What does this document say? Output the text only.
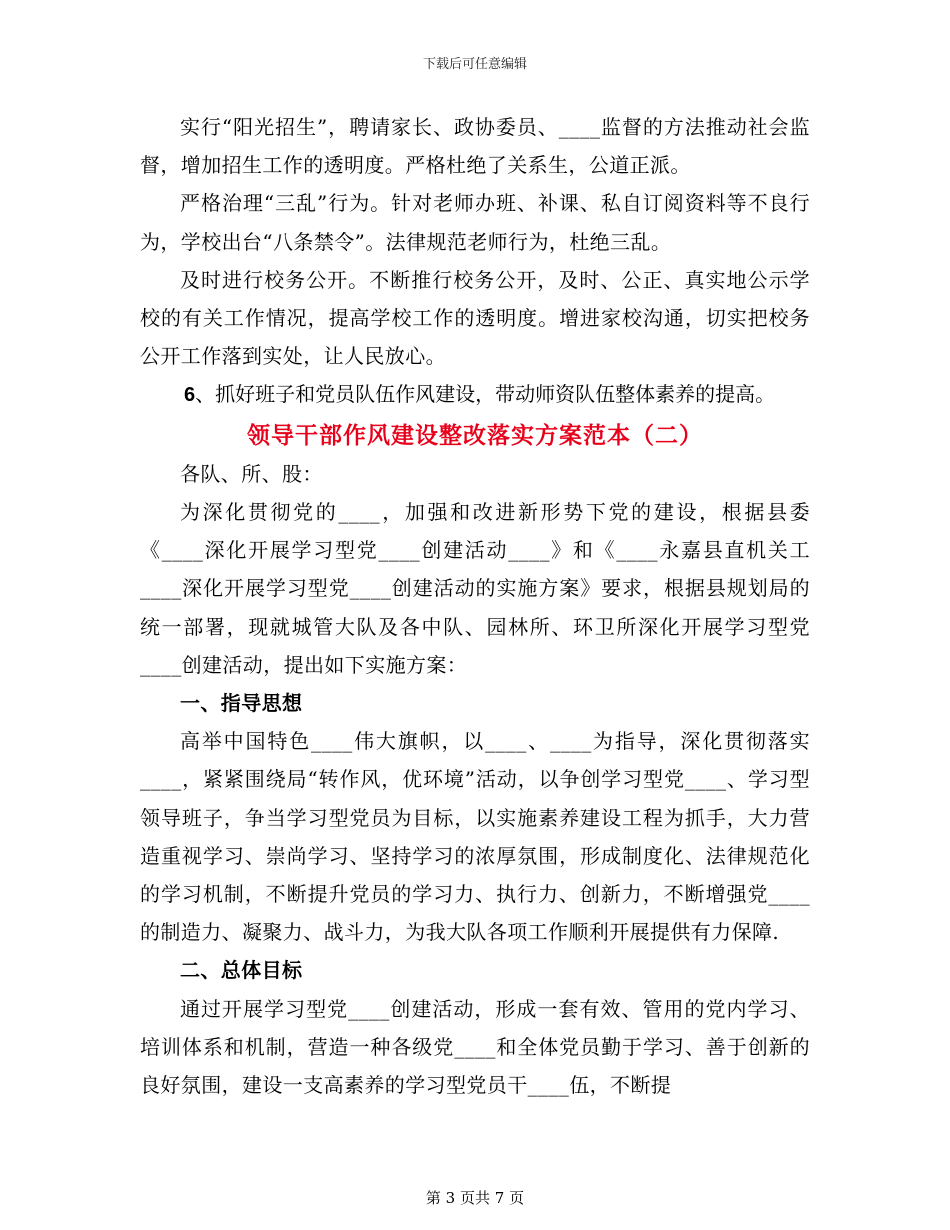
下载后可任意编辑

实行“阳光招生”，聘请家长、政协委员、____监督的方法推动社会监督，增加招生工作的透明度。严格杜绝了关系生，公道正派。

严格治理“三乱”行为。针对老师办班、补课、私自订阅资料等不良行为，学校出台“八条禁令”。法律规范老师行为，杜绝三乱。

及时进行校务公开。不断推行校务公开，及时、公正、真实地公示学校的有关工作情况，提高学校工作的透明度。增进家校沟通，切实把校务公开工作落到实处，让人民放心。

6、抓好班子和党员队伍作风建设，带动师资队伍整体素养的提高。

领导干部作风建设整改落实方案范本（二）

各队、所、股：

为深化贯彻党的____，加强和改进新形势下党的建设，根据县委《____深化开展学习型党____创建活动____》和《____永嘉县直机关工____深化开展学习型党____创建活动的实施方案》要求，根据县规划局的统一部署，现就城管大队及各中队、园林所、环卫所深化开展学习型党____创建活动，提出如下实施方案：

一、指导思想

高举中国特色____伟大旗帜，以____、____为指导，深化贯彻落实____，紧紧围绕局“转作风，优环境”活动，以争创学习型党____、学习型领导班子，争当学习型党员为目标，以实施素养建设工程为抓手，大力营造重视学习、崇尚学习、坚持学习的浓厚氛围，形成制度化、法律规范化的学习机制，不断提升党员的学习力、执行力、创新力，不断增强党____的制造力、凝聚力、战斗力，为我大队各项工作顺利开展提供有力保障.

二、总体目标

通过开展学习型党____创建活动，形成一套有效、管用的党内学习、培训体系和机制，营造一种各级党____和全体党员勤于学习、善于创新的良好氛围，建设一支高素养的学习型党员干____伍，不断提

第 3 页共 7 页
